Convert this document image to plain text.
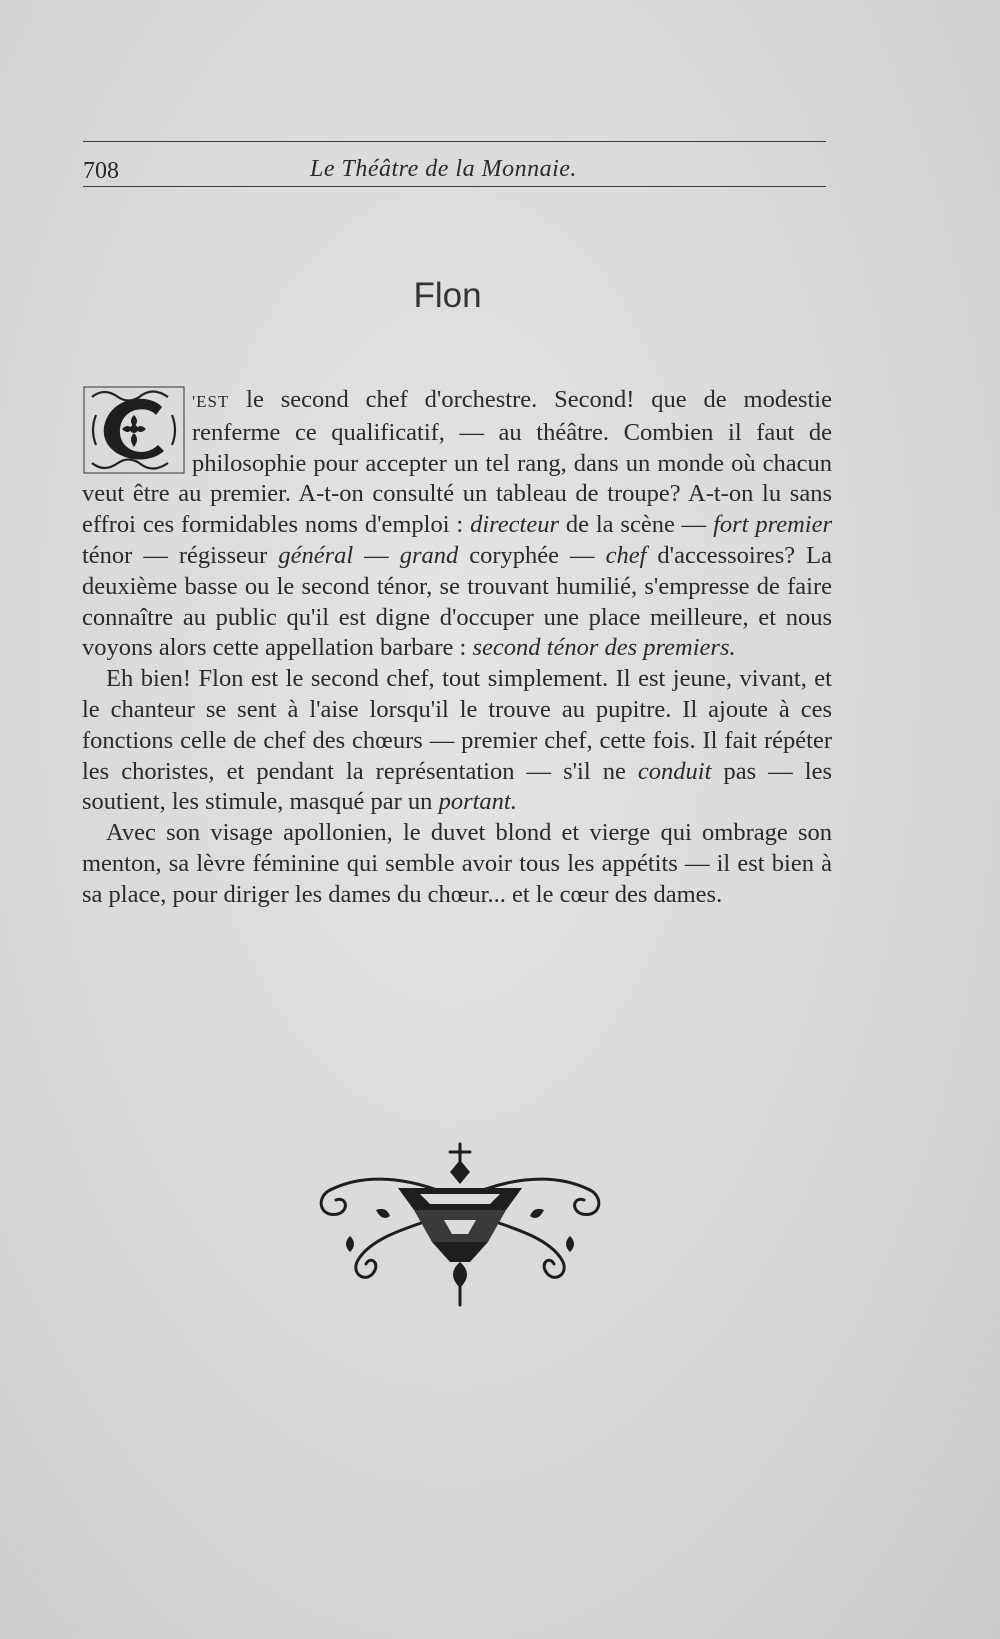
708	Le Théâtre de la Monnaie.
Flon

'EST le second chef d'orchestre. Second! que de modestie renferme ce qualificatif, — au théâtre. Combien il faut de philosophie pour accepter un tel rang, dans un monde où chacun veut être au premier. A-t-on consulté un tableau de troupe? A-t-on lu sans effroi ces formidables noms d'emploi : directeur de la scène — fort premier ténor — régisseur général — grand coryphée — chef d'accessoires? La deuxième basse ou le second ténor, se trouvant humilié, s'empresse de faire connaître au public qu'il est digne d'occuper une place meilleure, et nous voyons alors cette appellation barbare : second ténor des premiers.

Eh bien! Flon est le second chef, tout simplement. Il est jeune, vivant, et le chanteur se sent à l'aise lorsqu'il le trouve au pupitre. Il ajoute à ces fonctions celle de chef des chœurs — premier chef, cette fois. Il fait répéter les choristes, et pendant la représentation — s'il ne conduit pas — les soutient, les stimule, masqué par un portant.

Avec son visage apollonien, le duvet blond et vierge qui ombrage son menton, sa lèvre féminine qui semble avoir tous les appétits — il est bien à sa place, pour diriger les dames du chœur... et le cœur des dames.
